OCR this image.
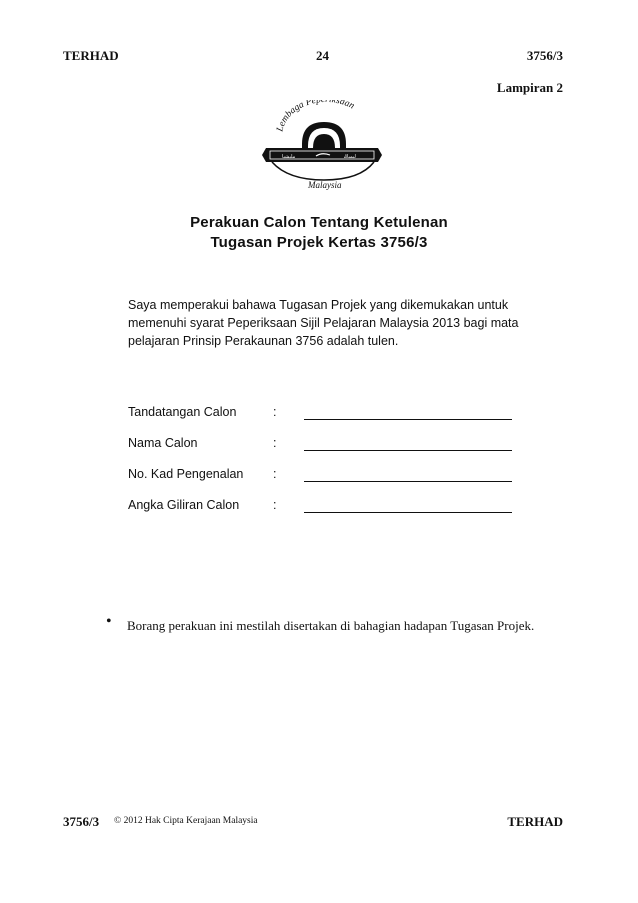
TERHAD	24	3756/3
Lampiran 2
Lembaga Pepe iksaan
ﻣﻠﻴﺸﻴﺎ	ﻟﻴﻤﺒﺎݢ
Malaysia
Perakuan Calon Tentang Ketulenan
Tugasan Projek Kertas 3756/3
Saya memperakui bahawa Tugasan Projek yang dikemukakan untuk memenuhi syarat Peperiksaan Sijil Pelajaran Malaysia 2013 bagi mata pelajaran Prinsip Perakaunan 3756 adalah tulen.
Tandatangan Calon	:
Nama Calon	:
No. Kad Pengenalan :
Angka Giliran Calon	:
• Borang perakuan ini mestilah disertakan di bahagian hadapan Tugasan Projek.
3756/3 © 2012 Hak Cipta Kerajaan Malaysia	TERHAD
